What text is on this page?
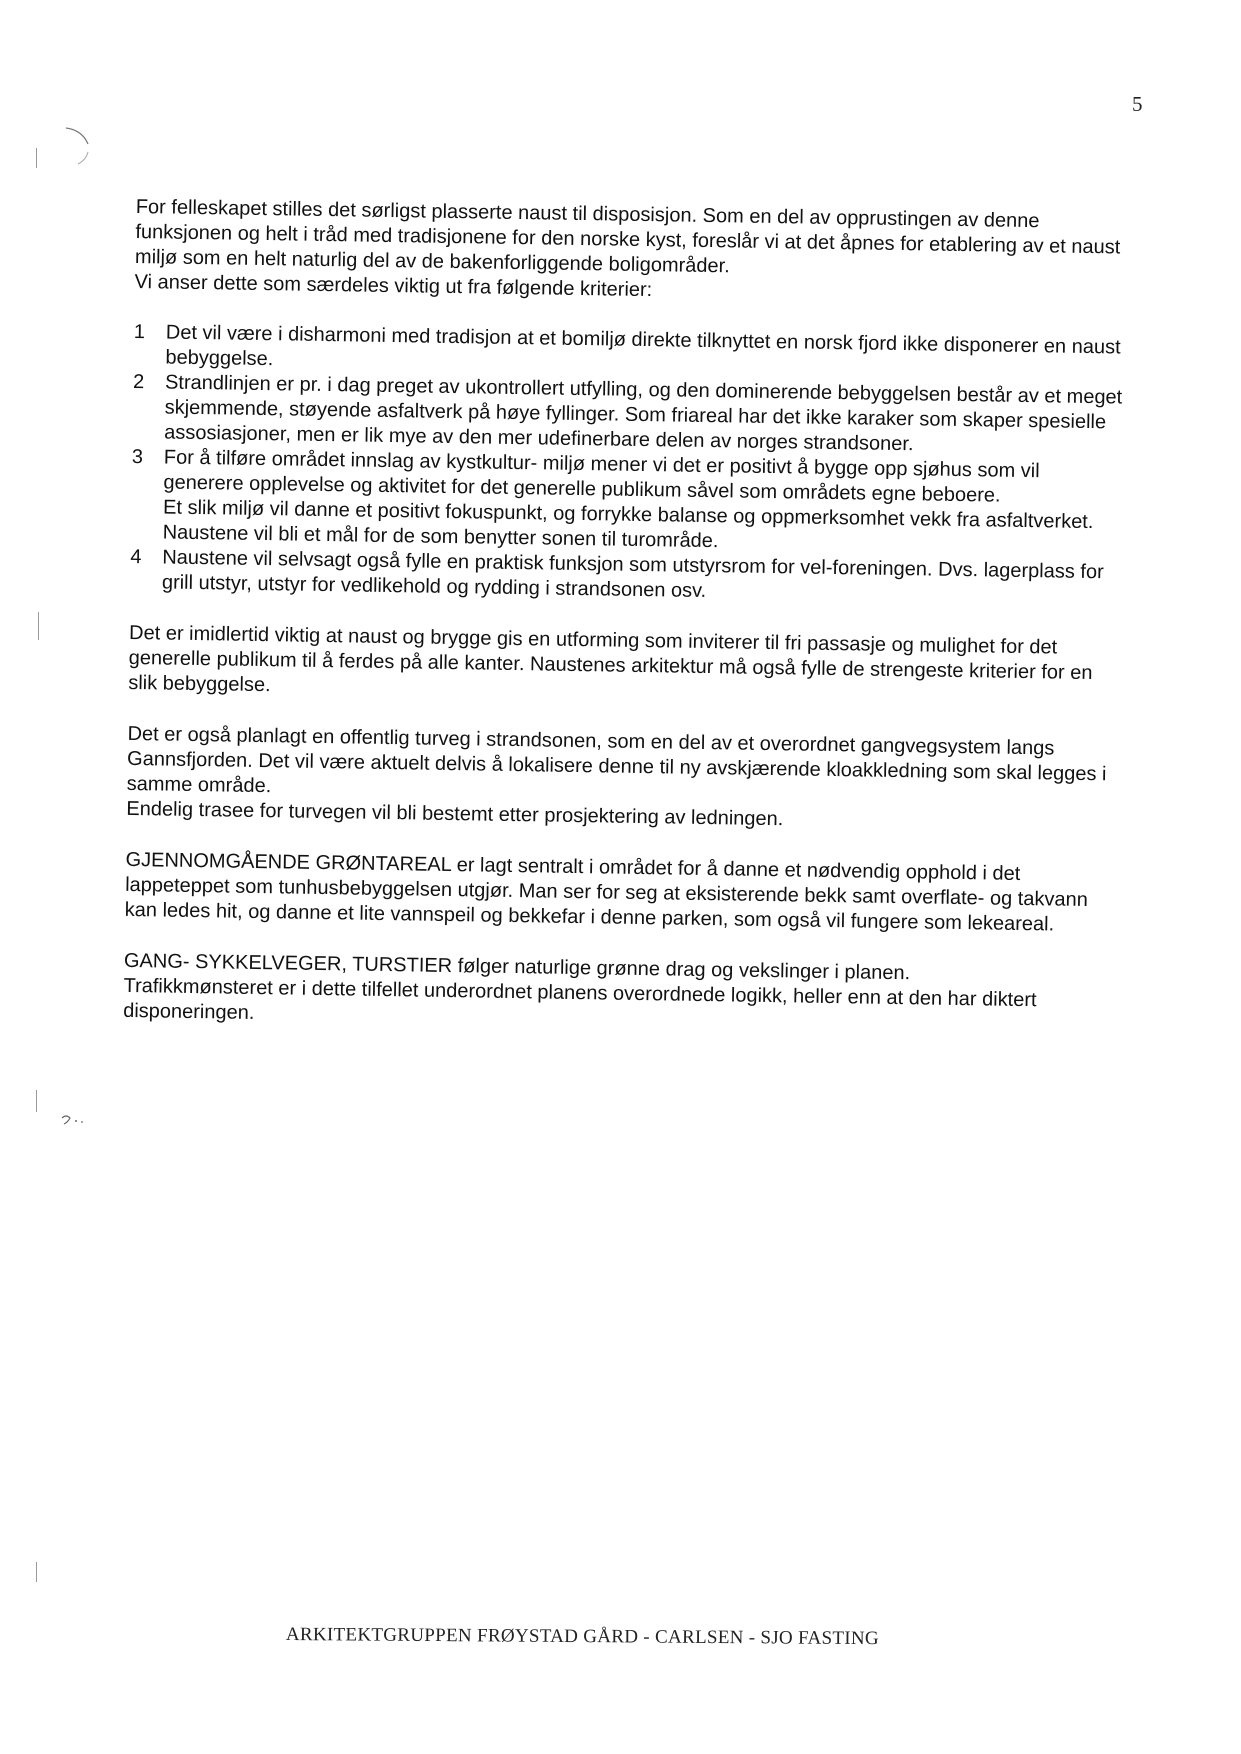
5

For felleskapet stilles det sørligst plasserte naust til disposisjon. Som en del av opprustingen av denne funksjonen og helt i tråd med tradisjonene for den norske kyst, foreslår vi at det åpnes for etablering av et naust miljø som en helt naturlig del av de bakenforliggende boligområder.

Vi anser dette som særdeles viktig ut fra følgende kriterier:

1	Det vil være i disharmoni med tradisjon at et bomiljø direkte tilknyttet en norsk fjord ikke disponerer en naust bebyggelse.

2	Strandlinjen er pr. i dag preget av ukontrollert utfylling, og den dominerende bebyggelsen består av et meget skjemmende, støyende asfaltverk på høye fyllinger. Som friareal har det ikke karaker som skaper spesielle assosiasjoner, men er lik mye av den mer udefinerbare delen av norges strandsoner.

3	For å tilføre området innslag av kystkultur- miljø mener vi det er positivt å bygge opp sjøhus som vil generere opplevelse og aktivitet for det generelle publikum såvel som områdets egne beboere.

Et slik miljø vil danne et positivt fokuspunkt, og forrykke balanse og oppmerksomhet vekk fra asfaltverket. Naustene vil bli et mål for de som benytter sonen til turområde.

4	Naustene vil selvsagt også fylle en praktisk funksjon som utstyrsrom for vel-foreningen. Dvs. lagerplass for grill utstyr, utstyr for vedlikehold og rydding i strandsonen osv.

Det er imidlertid viktig at naust og brygge gis en utforming som inviterer til fri passasje og mulighet for det generelle publikum til å ferdes på alle kanter. Naustenes arkitektur må også fylle de strengeste kriterier for en slik bebyggelse.

Det er også planlagt en offentlig turveg i strandsonen, som en del av et overordnet gangvegsystem langs Gannsfjorden. Det vil være aktuelt delvis å lokalisere denne til ny avskjærende kloakkledning som skal legges i samme område.

Endelig trasee for turvegen vil bli bestemt etter prosjektering av ledningen.

GJENNOMGÅENDE GRØNTAREAL er lagt sentralt i området for å danne et nødvendig opphold i det lappeteppet som tunhusbebyggelsen utgjør. Man ser for seg at eksisterende bekk samt overflate- og takvann kan ledes hit, og danne et lite vannspeil og bekkefar i denne parken, som også vil fungere som lekeareal.

GANG- SYKKELVEGER, TURSTIER følger naturlige grønne drag og vekslinger i planen.

Trafikkmønsteret er i dette tilfellet underordnet planens overordnede logikk, heller enn at den har diktert disponeringen.

ARKITEKTGRUPPEN FRØYSTAD GÅRD - CARLSEN - SJO FASTING
